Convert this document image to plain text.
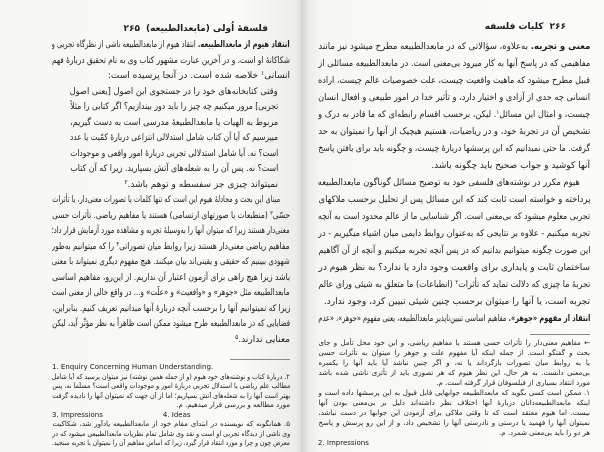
فلسفهٔ اُولی (مابعدالطبیعه)۲۶۵
انتقاد هیوم از مابعدالطبیعه. انتقاد هیوم از مابعدالطبیعه ناشی از نظرگاه تجربی و
شکاکانهٔ او است، و در آخرین عبارت مشهور کتاب وی به نام تحقیق دربارهٔ فهم
انسانی$^۱$ خلاصه شده است. در آنجا پرسیده است:
وقتی کتابخانه‌های خود را در جستجوی این اصول [یعنی اصول
تجربی] مرور میکنیم چه چیز را باید دور بیندازیم؟ اگر کتابی را مثلاً
مربوط به الهیات یا مابعدالطبیعهٔ مدرسی است به دست گیریم،
میپرسیم که آیا آن کتاب شامل استدلالی انتزاعی دربارهٔ کمّیت یا عدد
است؟ نه. آیا شامل استدلالی تجربی دربارهٔ امور واقعی و موجودات
است؟ نه. پس آن را به شعله‌های آتش بسپارید. زیرا که آن کتاب
نمیتواند چیزی جز سفسطه و توهم باشد.$^۲$
مبنای این بحث و مجادلهٔ هیوم این است که تنها کلمات یا تصورات معنی‌دار، یا تأثرات
حسّی$^۳$ (منطبعات یا صورتهای ارتسامی) هستند یا مفاهیم ریاضی. تأثرات حسی
معنی‌دار هستند زیرا که میتوان آنها را به‌وسیلهٔ تجربه و مشاهده مورد آزمایش قرار داد؛
مفاهیم ریاضی معنی‌دار هستند زیرا روابط میان تصوراتی$^۴$ را که میتوانیم به‌طور
شهودی ببینیم که حقیقی و یقینی‌اند بیان میکنند. هیچ مفهوم دیگری نمیتواند با معنی
باشد زیرا هیچ راهی برای آزمون اعتبار آن نداریم. از این‌رو، مفاهیم اساسی
مابعدالطبیعه مثل «جوهر» و «واقعیت» و «علّت» و... در واقع خالی از معنی است
زیرا که نمیتوانیم آنها را برحسب آنچه دربارهٔ آنها میدانیم تعریف کنیم. بنابراین،
قضایایی که در مابعدالطبیعه طرح میشود ممکن است ظاهراً به نظر مؤثّر آید، لیکن
معنایی ندارند.$^۵$
1. Enquiry Concerning Human Understanding.
۲. دربارهٔ کتاب و نوشته‌های خود هیوم (و از جمله همین نوشته) نیز میتوان پرسید که آیا شامل
مطالب علم ریاضی یا استدلال تجربی دربارهٔ امور و موجودات واقعی است؟ مسلّماً نه، پس
بهتر است آنها را به شعله‌های آتش بسپاریم؛ اما از آن جهت که نمیتوان آنها را نادیده گرفت
مورد مطالعه و بررسی قرار میدهیم. م.
3. Impressions	4. Ideas
۵. همانگونه که نویسنده در ابتدای مقام خود از مابعدالطبیعه یادآور شد، شکاکیت
وی ناشی از دیدگاه تجربی او است و نقد وی شامل تمام نظریات مابعدالطبیعی میشود که در
معرض چون و چرا و مورد انتقاد قرار گیرد، زیرا که اساس مفاهیم آن را نمیتوان با تجربه سنجید.
۲۶۶کلیات فلسفه
معنی و تجربه. به‌علاوه، سؤالاتی که در مابعدالطبیعه مطرح میشود نیز مانند
مفاهیمی که در پاسخ آنها به کار میرود بی‌معنی است. در مابعدالطبیعه مسائلی از
قبیل مطرح میشود که ماهیت واقعیت چیست، علت خصوصیات عالم چیست، اراده
انسانی چه حدی از آزادی و اختیار دارد، و تأثیر خدا در امور طبیعی و افعال انسان
چیست، و امثال این مسائل$^۱$. لیکن، برحسب اقسام رابطه‌ای که ما قادر به درک و
تشخیص آن در تجربهٔ خود، و در ریاضیات، هستیم هیچیک از آنها را نمیتوان به حد
گرفت. ما حتی نمیدانیم که این پرسشها دربارهٔ چیست، و چگونه باید برای یافتن پاسخ
آنها کوشید و جواب صحیح باید چگونه باشد.
هیوم مکرر در نوشته‌های فلسفی خود به توضیح مسائل گوناگون مابعدالطبیعه
پرداخته و خواسته است ثابت کند که این مسائل پس از تحلیل برحسب ملاکهای
تجربی معلوم میشود که بی‌معنی است. اگر شناسایی ما از عالم محدود است به آنچه
تجربه میکنیم - علاوه بر نتایجی که به‌عنوان روابط دایمی میان اشیاء میگیریم - در
این صورت چگونه میتوانیم بدانیم که در پس آنچه تجربه میکنیم و آنچه از آن آگاهیم
ساختمان ثابت و پایداری برای واقعیت وجود دارد یا ندارد؟ به نظر هیوم در
تجربهٔ ما چیزی که دلالت نماید که تأثرات$^۲$ (انطباعات) ما متعلق به شیئی ورای عالم
تجربه است، یا آنها را میتوان برحسب چنین شیئی تبیین کرد، وجود ندارد.
انتقاد از مفهوم «جوهر». مفاهیم اساسی تبیین‌ناپذیر مابعدالطبیعه، یعنی مفهوم «جوهر»، «عدم
← مفاهیم معنی‌دار را تأثرات حسی هستند یا مفاهیم ریاضی، و این خود محل تأمل و جای
بحث و گفتگو است. از جمله اینکه آیا مفهوم علت و جوهر را میتوان به تأثرات حسی
یا به روابط میان تصورات بازگرداند یا نه، و اگر چنین نباشد آیا باید آنها را یکسره
بی‌معنی دانست. به هر حال، این نظر هیوم که هر تصوری باید از تأثری ناشی شده باشد
مورد انتقاد بسیاری از فیلسوفان قرار گرفته است. م.
۱. ممکن است کسی بگوید که مابعدالطبیعه جوابهایی قابل قبول به این پرسشها داده است و
اینکه مابعدالطبیعه‌دانان دربارهٔ آنها اختلاف نظر داشته‌اند دلیل بر بی‌معنی بودن آنها
نیست. اما هیوم معتقد است که تا وقتی ملاکی برای آزمودن این جوابها در دست نباشد،
نمیتوان آنها را فهمید یا درستی و نادرستی آنها را تشخیص داد، و از این رو پرسش و پاسخ
هر دو را باید بی‌معنی شمرد. م.
2. Impressions
